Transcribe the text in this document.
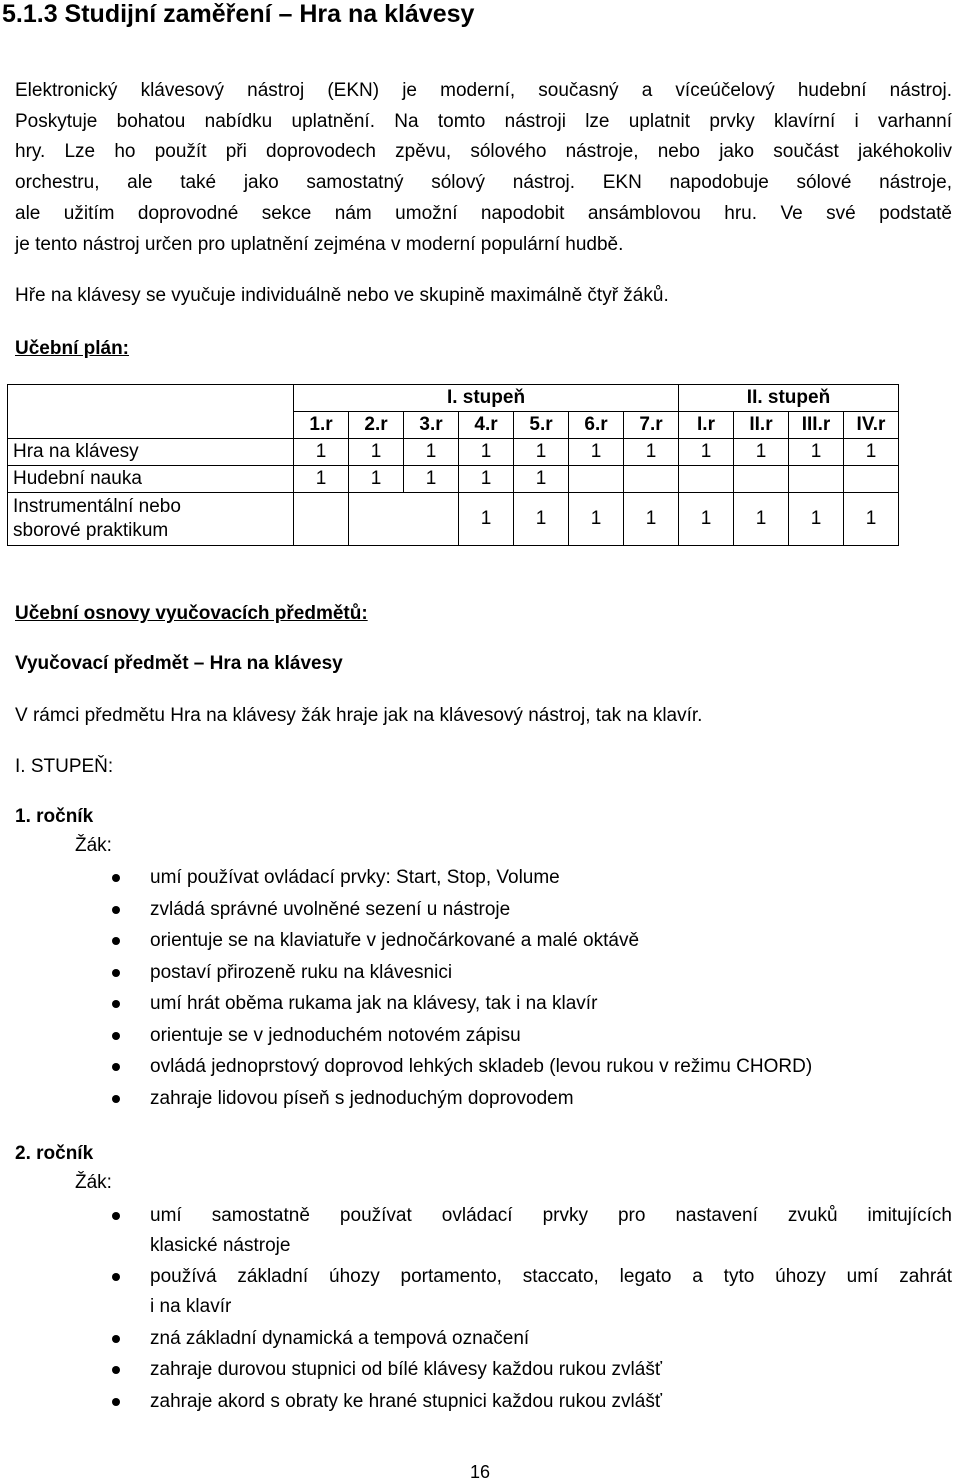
5.1.3 Studijní zaměření – Hra na klávesy
Elektronický klávesový nástroj (EKN) je moderní, současný a víceúčelový hudební nástroj.
Poskytuje bohatou nabídku uplatnění. Na tomto nástroji lze uplatnit prvky klavírní i varhanní
hry. Lze ho použít při doprovodech zpěvu, sólového nástroje, nebo jako součást jakéhokoliv
orchestru, ale také jako samostatný sólový nástroj. EKN napodobuje sólové nástroje,
ale užitím doprovodné sekce nám umožní napodobit ansámblovou hru. Ve své podstatě
je tento nástroj určen pro uplatnění zejména v moderní populární hudbě.
Hře na klávesy se vyučuje individuálně nebo ve skupině maximálně čtyř žáků.
Učební plán:
	I. stupeň							II. stupeň			
	1.r	2.r	3.r	4.r	5.r	6.r	7.r	I.r	II.r	III.r	IV.r
Hra na klávesy	1	1	1	1	1	1	1	1	1	1	1
Hudební nauka	1	1	1	1	1						

Instrumentální nebo
sborové praktikum				1	1	1	1	1	1	1	1
Učební osnovy vyučovacích předmětů:
Vyučovací předmět – Hra na klávesy
V rámci předmětu Hra na klávesy žák hraje jak na klávesový nástroj, tak na klavír.
I. STUPEŇ:
1. ročník
Žák:
umí používat ovládací prvky: Start, Stop, Volume
zvládá správné uvolněné sezení u nástroje
orientuje se na klaviatuře v jednočárkované a malé oktávě
postaví přirozeně ruku na klávesnici
umí hrát oběma rukama jak na klávesy, tak i na klavír
orientuje se v jednoduchém notovém zápisu
ovládá jednoprstový doprovod lehkých skladeb (levou rukou v režimu CHORD)
zahraje lidovou píseň s jednoduchým doprovodem
2. ročník
Žák:
umí samostatně používat ovládací prvky pro nastavení zvuků imitujících
klasické nástroje
používá základní úhozy portamento, staccato, legato a tyto úhozy umí zahrát
i na klavír
zná základní dynamická a tempová označení
zahraje durovou stupnici od bílé klávesy každou rukou zvlášť
zahraje akord s obraty ke hrané stupnici každou rukou zvlášť
16
